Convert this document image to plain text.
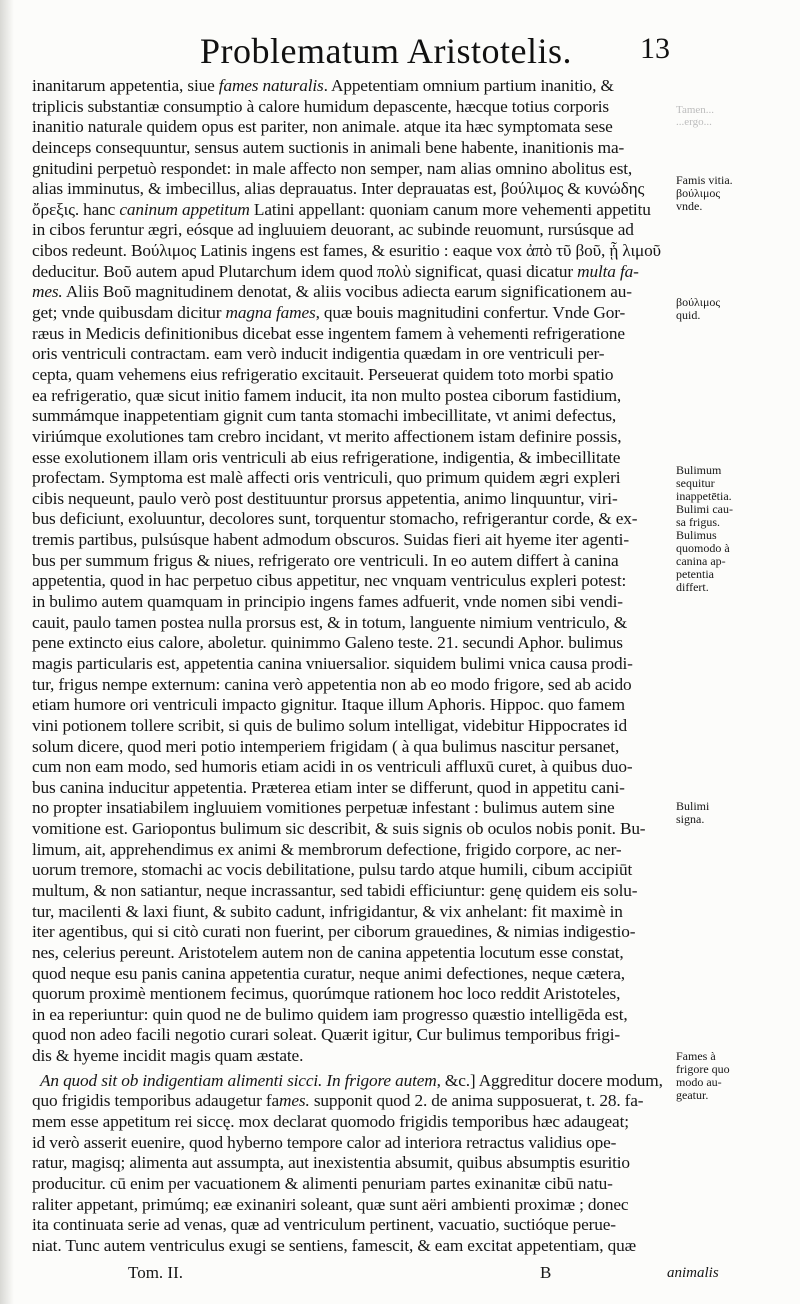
Problematum Aristotelis. 13
Tamen...
...ergo...
inanitarum appetentia, siue fames naturalis. Appetentiam omnium partium inanitio, &
triplicis substantiæ consumptio à calore humidum depascente, hæcque totius corporis
inanitio naturale quidem opus est pariter, non animale. atque ita hæc symptomata sese
deinceps consequuntur, sensus autem suctionis in animali bene habente, inanitionis ma-
gnitudini perpetuò respondet: in male affecto non semper, nam alias omnino abolitus est,
alias imminutus, & imbecillus, alias deprauatus. Inter deprauatas est, βούλιμος & κυνώδης
ὄρεξις. hanc caninum appetitum Latini appellant: quoniam canum more vehementi appetitu
in cibos feruntur ægri, eósque ad ingluuiem deuorant, ac subinde reuomunt, rursúsque ad
cibos redeunt. Βούλιμος Latinis ingens est fames, & esuritio : eaque vox ἀπὸ τῦ βοῦ, ᾗ λιμοῦ
deducitur. Βοῦ autem apud Plutarchum idem quod πολὺ significat, quasi dicatur multa fa-
mes. Aliis Βοῦ magnitudinem denotat, & aliis vocibus adiecta earum significationem au-
get; vnde quibusdam dicitur magna fames, quæ bouis magnitudini confertur. Vnde Gor-
ræus in Medicis definitionibus dicebat esse ingentem famem à vehementi refrigeratione
oris ventriculi contractam. eam verò inducit indigentia quædam in ore ventriculi per-
cepta, quam vehemens eius refrigeratio excitauit. Perseuerat quidem toto morbi spatio
ea refrigeratio, quæ sicut initio famem inducit, ita non multo postea ciborum fastidium,
summámque inappetentiam gignit cum tanta stomachi imbecillitate, vt animi defectus,
viriúmque exolutiones tam crebro incidant, vt merito affectionem istam definire possis,
esse exolutionem illam oris ventriculi ab eius refrigeratione, indigentia, & imbecillitate
profectam. Symptoma est malè affecti oris ventriculi, quo primum quidem ægri expleri
cibis nequeunt, paulo verò post destituuntur prorsus appetentia, animo linquuntur, viri-
bus deficiunt, exoluuntur, decolores sunt, torquentur stomacho, refrigerantur corde, & ex-
tremis partibus, pulsúsque habent admodum obscuros. Suidas fieri ait hyeme iter agenti-
bus per summum frigus & niues, refrigerato ore ventriculi. In eo autem differt à canina
appetentia, quod in hac perpetuo cibus appetitur, nec vnquam ventriculus expleri potest:
in bulimo autem quamquam in principio ingens fames adfuerit, vnde nomen sibi vendi-
cauit, paulo tamen postea nulla prorsus est, & in totum, languente nimium ventriculo, &
pene extincto eius calore, aboletur. quinimmo Galeno teste. 21. secundi Aphor. bulimus
magis particularis est, appetentia canina vniuersalior. siquidem bulimi vnica causa prodi-
tur, frigus nempe externum: canina verò appetentia non ab eo modo frigore, sed ab acido
etiam humore ori ventriculi impacto gignitur. Itaque illum Aphoris. Hippoc. quo famem
vini potionem tollere scribit, si quis de bulimo solum intelligat, videbitur Hippocrates id
solum dicere, quod meri potio intemperiem frigidam ( à qua bulimus nascitur persanet,
cum non eam modo, sed humoris etiam acidi in os ventriculi affluxū curet, à quibus duo-
bus canina inducitur appetentia. Præterea etiam inter se differunt, quod in appetitu cani-
no propter insatiabilem ingluuiem vomitiones perpetuæ infestant : bulimus autem sine
vomitione est. Gariopontus bulimum sic describit, & suis signis ob oculos nobis ponit. Bu-
limum, ait, apprehendimus ex animi & membrorum defectione, frigido corpore, ac ner-
uorum tremore, stomachi ac vocis debilitatione, pulsu tardo atque humili, cibum accipiūt
multum, & non satiantur, neque incrassantur, sed tabidi efficiuntur: genę quidem eis solu-
tur, macilenti & laxi fiunt, & subito cadunt, infrigidantur, & vix anhelant: fit maximè in
iter agentibus, qui si citò curati non fuerint, per ciborum grauedines, & nimias indigestio-
nes, celerius pereunt. Aristotelem autem non de canina appetentia locutum esse constat,
quod neque esu panis canina appetentia curatur, neque animi defectiones, neque cætera,
quorum proximè mentionem fecimus, quorúmque rationem hoc loco reddit Aristoteles,
in ea reperiuntur: quin quod ne de bulimo quidem iam progresso quæstio intelligēda est,
quod non adeo facili negotio curari soleat. Quærit igitur, Cur bulimus temporibus frigi-
dis & hyeme incidit magis quam æstate.
An quod sit ob indigentiam alimenti sicci. In frigore autem, &c.] Aggreditur docere modum,
quo frigidis temporibus adaugetur fames. supponit quod 2. de anima supposuerat, t. 28. fa-
mem esse appetitum rei siccę. mox declarat quomodo frigidis temporibus hæc adaugeat;
id verò asserit euenire, quod hyberno tempore calor ad interiora retractus validius ope-
ratur, magisq; alimenta aut assumpta, aut inexistentia absumit, quibus absumptis esuritio
producitur. cū enim per vacuationem & alimenti penuriam partes exinanitæ cibū natu-
raliter appetant, primúmq; eæ exinaniri soleant, quæ sunt aëri ambienti proximæ ; donec
ita continuata serie ad venas, quæ ad ventriculum pertinent, vacuatio, suctióque perue-
niat. Tunc autem ventriculus exugi se sentiens, famescit, & eam excitat appetentiam, quæ
Famis vitia.
βούλιμος
vnde.
βούλιμος
quid.
Bulimum
sequitur
inappetētia.
Bulimi cau-
sa frigus.
Bulimus
quomodo à
canina ap-
petentia
differt.
Bulimi
signa.
Fames à
frigore quo
modo au-
geatur.
Tom. II.	B	animalis
